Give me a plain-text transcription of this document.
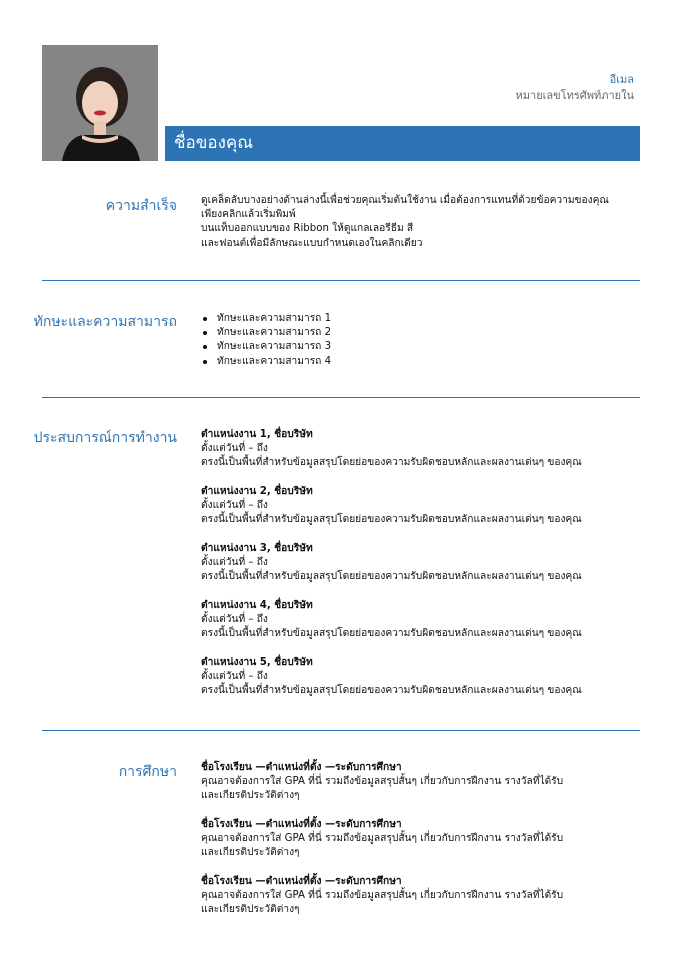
อีเมล
หมายเลขโทรศัพท์ภายใน
ชื่อของคุณ
ความสำเร็จ ดูเคล็ดลับบางอย่างด้านล่างนี้เพื่อช่วยคุณเริ่มต้นใช้งาน เมื่อต้องการแทนที่ด้วยข้อความของคุณ
เพียงคลิกแล้วเริ่มพิมพ์
บนแท็บออกแบบของ Ribbon ให้ดูแกลเลอรีธีม สี
และฟอนต์เพื่อมีลักษณะแบบกำหนดเองในคลิกเดียว
ทักษะและความสามารถ	ทักษะและความสามารถ 1
ทักษะและความสามารถ 2
ทักษะและความสามารถ 3
ทักษะและความสามารถ 4
ประสบการณ์การทำงาน ตำแหน่งงาน 1, ชื่อบริษัท
ตั้งแต่วันที่ – ถึง
ตรงนี้เป็นพื้นที่สำหรับข้อมูลสรุปโดยย่อของความรับผิดชอบหลักและผลงานเด่นๆ ของคุณ
ตำแหน่งงาน 2, ชื่อบริษัท
ตั้งแต่วันที่ – ถึง
ตรงนี้เป็นพื้นที่สำหรับข้อมูลสรุปโดยย่อของความรับผิดชอบหลักและผลงานเด่นๆ ของคุณ
ตำแหน่งงาน 3, ชื่อบริษัท
ตั้งแต่วันที่ – ถึง
ตรงนี้เป็นพื้นที่สำหรับข้อมูลสรุปโดยย่อของความรับผิดชอบหลักและผลงานเด่นๆ ของคุณ
ตำแหน่งงาน 4, ชื่อบริษัท
ตั้งแต่วันที่ – ถึง
ตรงนี้เป็นพื้นที่สำหรับข้อมูลสรุปโดยย่อของความรับผิดชอบหลักและผลงานเด่นๆ ของคุณ
ตำแหน่งงาน 5, ชื่อบริษัท
ตั้งแต่วันที่ – ถึง
ตรงนี้เป็นพื้นที่สำหรับข้อมูลสรุปโดยย่อของความรับผิดชอบหลักและผลงานเด่นๆ ของคุณ
การศึกษา ชื่อโรงเรียน —ตำแหน่งที่ตั้ง —ระดับการศึกษา
คุณอาจต้องการใส่ GPA ที่นี่ รวมถึงข้อมูลสรุปสั้นๆ เกี่ยวกับการฝึกงาน รางวัลที่ได้รับ
และเกียรติประวัติต่างๆ
ชื่อโรงเรียน —ตำแหน่งที่ตั้ง —ระดับการศึกษา
คุณอาจต้องการใส่ GPA ที่นี่ รวมถึงข้อมูลสรุปสั้นๆ เกี่ยวกับการฝึกงาน รางวัลที่ได้รับ
และเกียรติประวัติต่างๆ
ชื่อโรงเรียน —ตำแหน่งที่ตั้ง —ระดับการศึกษา
คุณอาจต้องการใส่ GPA ที่นี่ รวมถึงข้อมูลสรุปสั้นๆ เกี่ยวกับการฝึกงาน รางวัลที่ได้รับ
และเกียรติประวัติต่างๆ
